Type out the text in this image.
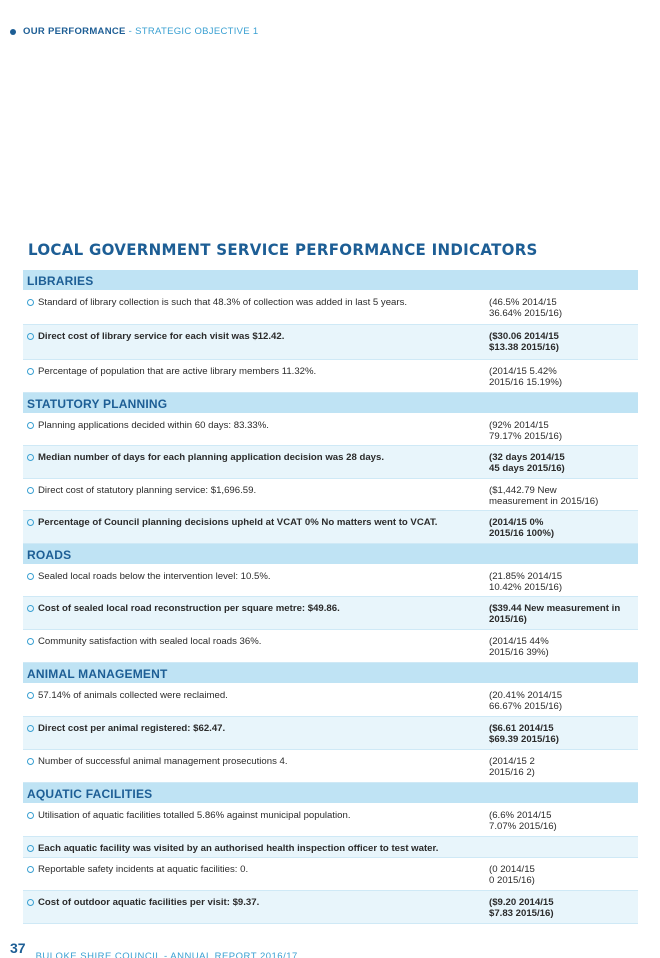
OUR PERFORMANCE - STRATEGIC OBJECTIVE 1
LOCAL GOVERNMENT SERVICE PERFORMANCE INDICATORS
LIBRARIES
Standard of library collection is such that 48.3% of collection was added in last 5 years.	(46.5% 2014/15
36.64% 2015/16)
Direct cost of library service for each visit was $12.42.	($30.06 2014/15
$13.38 2015/16)
Percentage of population that are active library members 11.32%.	(2014/15 5.42%
2015/16 15.19%)
STATUTORY PLANNING
Planning applications decided within 60 days: 83.33%.	(92% 2014/15
79.17% 2015/16)
Median number of days for each planning application decision was 28 days.	(32 days 2014/15
45 days 2015/16)
Direct cost of statutory planning service: $1,696.59.	($1,442.79 New
measurement in 2015/16)
Percentage of Council planning decisions upheld at VCAT 0% No matters went to VCAT.	(2014/15 0%
2015/16 100%)
ROADS
Sealed local roads below the intervention level: 10.5%.	(21.85% 2014/15
10.42% 2015/16)
Cost of sealed local road reconstruction per square metre: $49.86.	($39.44 New measurement in
2015/16)
Community satisfaction with sealed local roads 36%.	(2014/15 44%
2015/16 39%)
ANIMAL MANAGEMENT
57.14% of animals collected were reclaimed.	(20.41% 2014/15
66.67% 2015/16)
Direct cost per animal registered: $62.47.	($6.61 2014/15
$69.39 2015/16)
Number of successful animal management prosecutions 4.	(2014/15 2
2015/16 2)
AQUATIC FACILITIES
Utilisation of aquatic facilities totalled 5.86% against municipal population.	(6.6% 2014/15
7.07% 2015/16)
Each aquatic facility was visited by an authorised health inspection officer to test water.
Reportable safety incidents at aquatic facilities: 0.	(0 2014/15
0 2015/16)
Cost of outdoor aquatic facilities per visit: $9.37.	($9.20 2014/15
$7.83 2015/16)
37
BULOKE SHIRE COUNCIL - ANNUAL REPORT 2016/17
